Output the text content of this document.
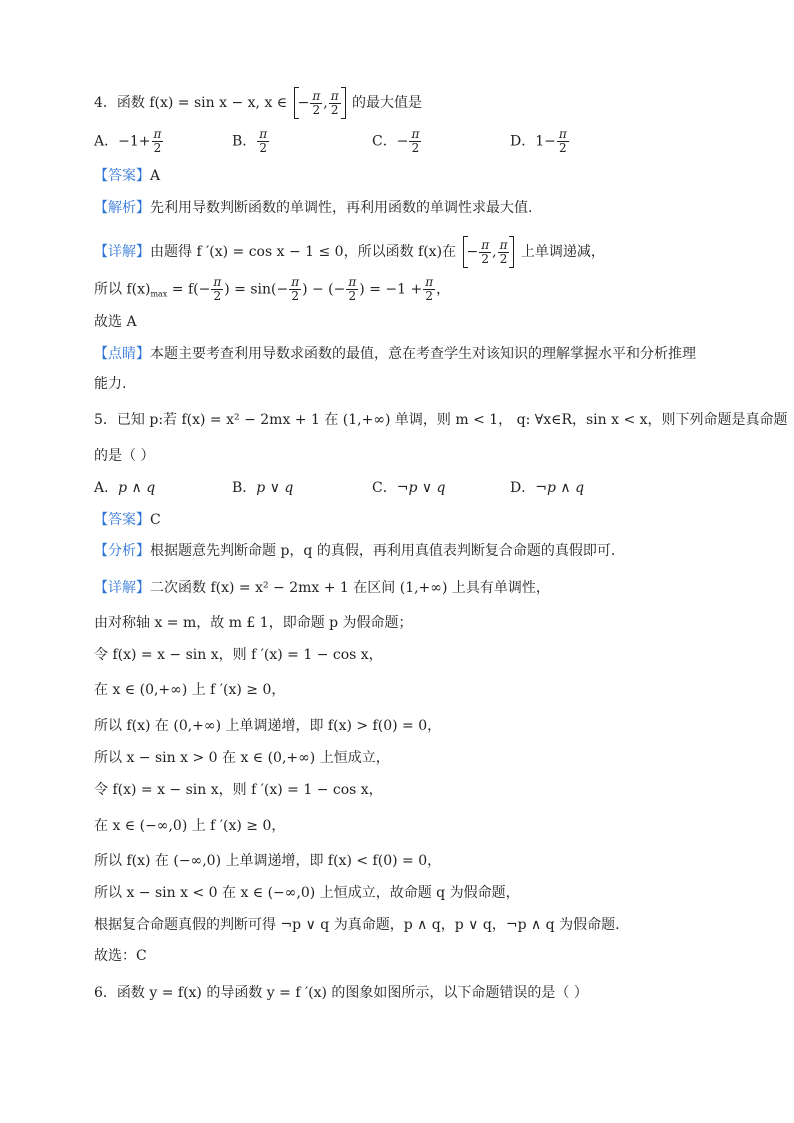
4．函数 f(x) = sin x − x, x ∈ − $\frac{\pi}{2}$ , $\frac{\pi}{2}$ 的最大值是
A．$-1+ \frac{\pi}{2}$	B． $\frac{\pi}{2}$	C．− $\frac{\pi}{2}$	D．$1- \frac{\pi}{2}$
【答案】A
【解析】先利用导数判断函数的单调性，再利用函数的单调性求最大值.
【详解】由题得 f ′(x) = cos x − 1 ≤ 0，所以函数 f(x)在 − $\frac{\pi}{2}$ , $\frac{\pi}{2}$ 上单调递减，
所以 $f(x)_{max} = f(- \frac{\pi}{2}$ ) = $\sin(- \frac{\pi}{2}$ ) − (− $\frac{\pi}{2}$ ) = $-1 + \frac{\pi}{2}$ ，
故选 A
【点睛】本题主要考查利用导数求函数的最值，意在考查学生对该知识的理解掌握水平和分析推理
能力.
5．已知 p:若 f(x) = x² − 2mx + 1 在 (1,+∞) 单调，则 m < 1， q: ∀x∈R，sin x < x，则下列命题是真命题
的是（ ）
A．p ∧ q	B．p ∨ q	C．¬p ∨ q	D．¬p ∧ q
【答案】C
【分析】根据题意先判断命题 p，q 的真假，再利用真值表判断复合命题的真假即可.
【详解】二次函数 f(x) = x² − 2mx + 1 在区间 (1,+∞) 上具有单调性，
由对称轴 x = m，故 m £ 1，即命题 p 为假命题；
令 f(x) = x − sin x，则 f ′(x) = 1 − cos x，
在 x ∈ (0,+∞) 上 f ′(x) ≥ 0，
所以 f(x) 在 (0,+∞) 上单调递增，即 f(x) > f(0) = 0，
所以 x − sin x > 0 在 x ∈ (0,+∞) 上恒成立，
令 f(x) = x − sin x，则 f ′(x) = 1 − cos x，
在 x ∈ (−∞,0) 上 f ′(x) ≥ 0，
所以 f(x) 在 (−∞,0) 上单调递增，即 f(x) < f(0) = 0，
所以 x − sin x < 0 在 x ∈ (−∞,0) 上恒成立，故命题 q 为假命题，
根据复合命题真假的判断可得 ¬p ∨ q 为真命题，p ∧ q，p ∨ q，¬p ∧ q 为假命题.
故选：C
6．函数 y = f(x) 的导函数 y = f ′(x) 的图象如图所示，以下命题错误的是（ ）
